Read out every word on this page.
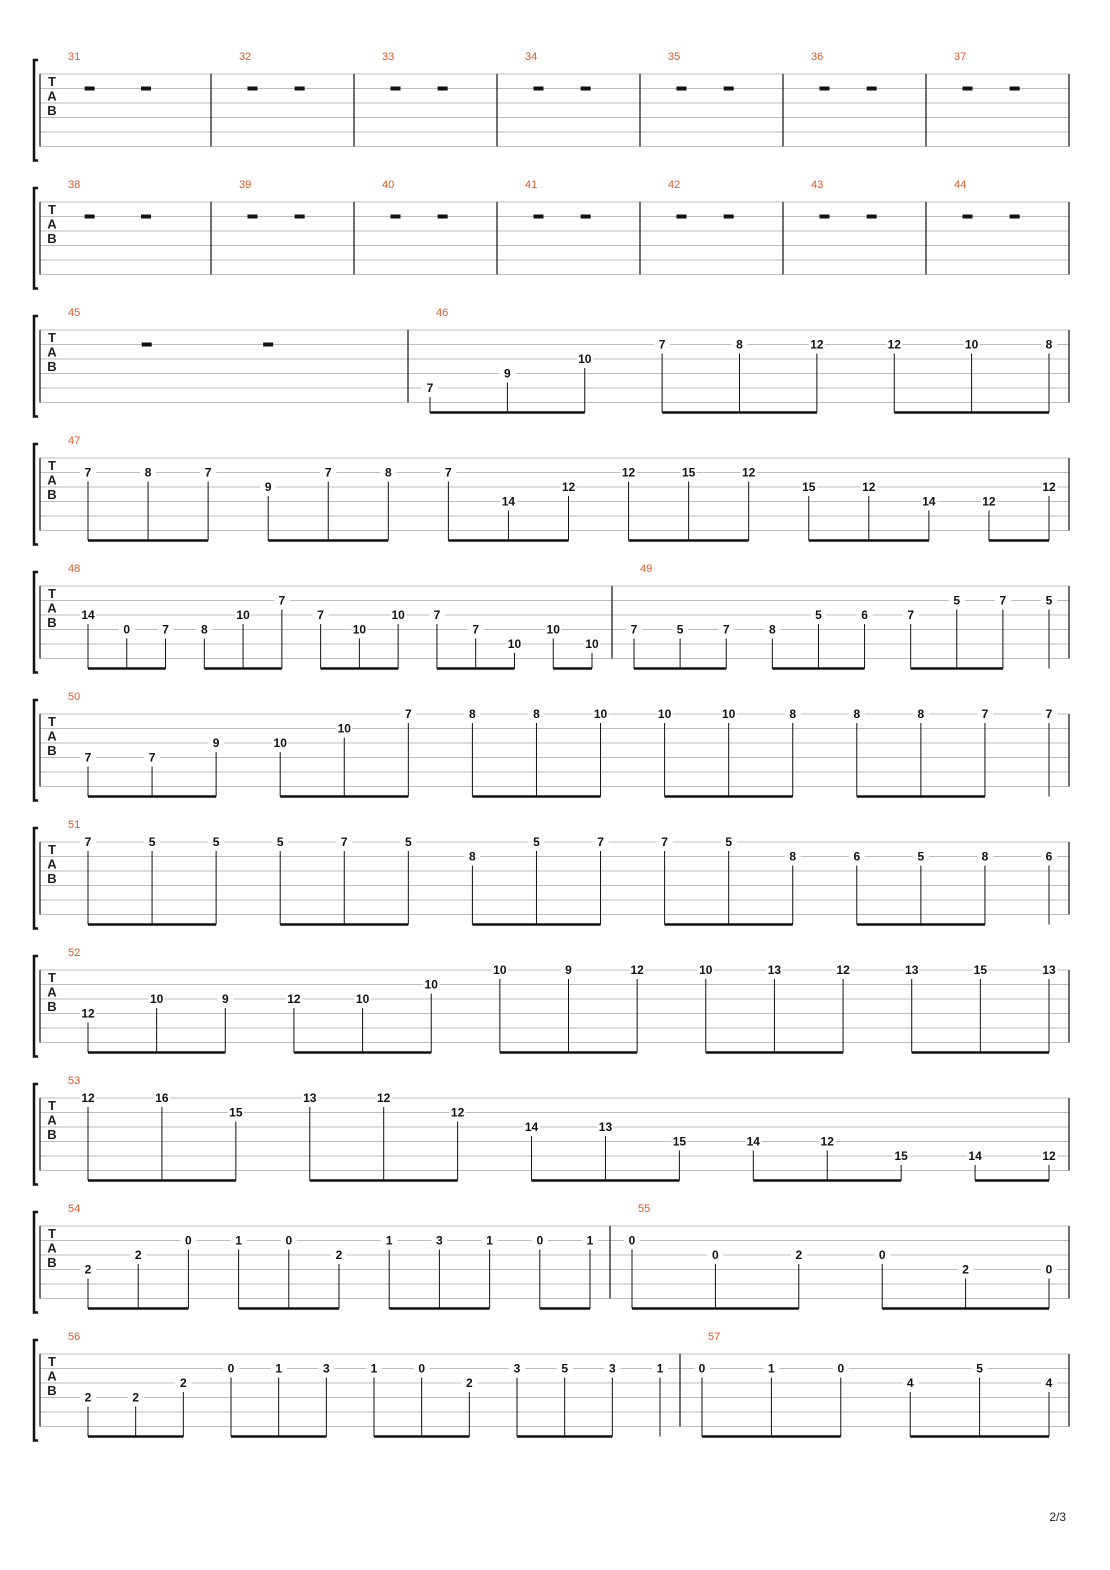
T
A
B
31	32	33	34	35	36	37
T
A
B
38	39	40	41	42	43	44
T
A
B
45	46
7
9
10
7	8	12	12	10	8
T
A
B
47
7	8	7
9
7	8	7
14
12
12	15	12
15	12
14	12
12
T
A
B
48
14
0	7	8
10
7
7
10
10 7
7
10
10
10
49
7	5	7	8
5	6	7
5	7	5
T
A
B
50
7	7
9	10
10
7	8	8	10	10	10	8	8	8	7	7
T
A
B
51
7	5	5	5	7	5
8
5	7	7	5
8	6	5	8	6
T
A
B
52
12
10	9	12	10
10
10	9	12	10	13	12	13	15	13
T
A
B
53
12	16
15
13	12
12
14	13
15	14	12
15	14	12
T
A
B
54
2
2
0	1	0
2
1	3	1	0	1
55
0
0	2	0
2	0
T
A
B
56
2	2
2
0	1	3	1	0
2
3	5	3	1
57
0	1	0
4
5
4
2/3
